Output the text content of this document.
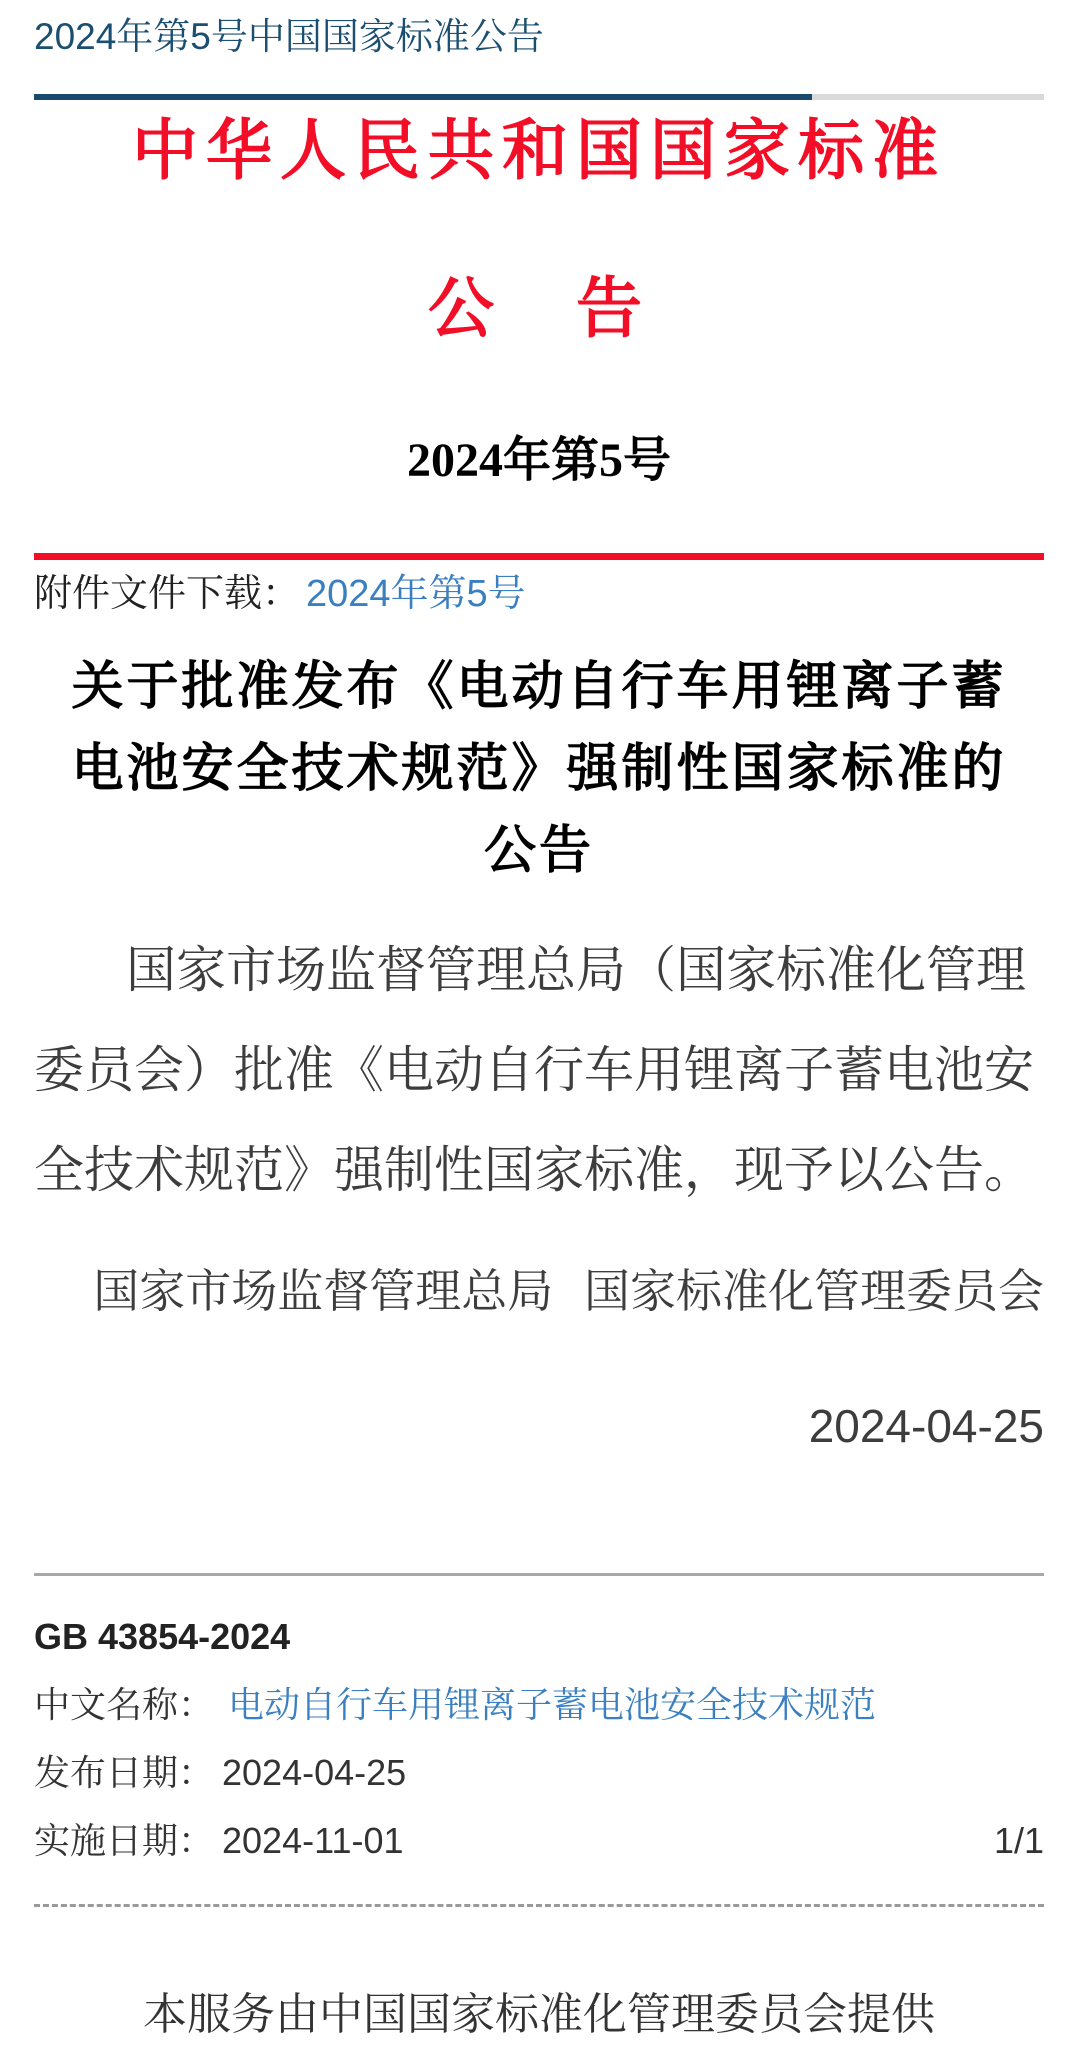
2024年第5号中国国家标准公告
中华人民共和国国家标准
公　告
2024年第5号
附件文件下载： 2024年第5号
关于批准发布《电动自行车用锂离子蓄
电池安全技术规范》强制性国家标准的
公告
国家市场监督管理总局（国家标准化管理
委员会）批准《电动自行车用锂离子蓄电池安
全技术规范》强制性国家标准，现予以公告。
国家市场监督管理总局 国家标准化管理委员会
2024-04-25
GB 43854-2024
中文名称： 电动自行车用锂离子蓄电池安全技术规范
发布日期： 2024-04-25
实施日期： 2024-11-01	1/1
本服务由中国国家标准化管理委员会提供
